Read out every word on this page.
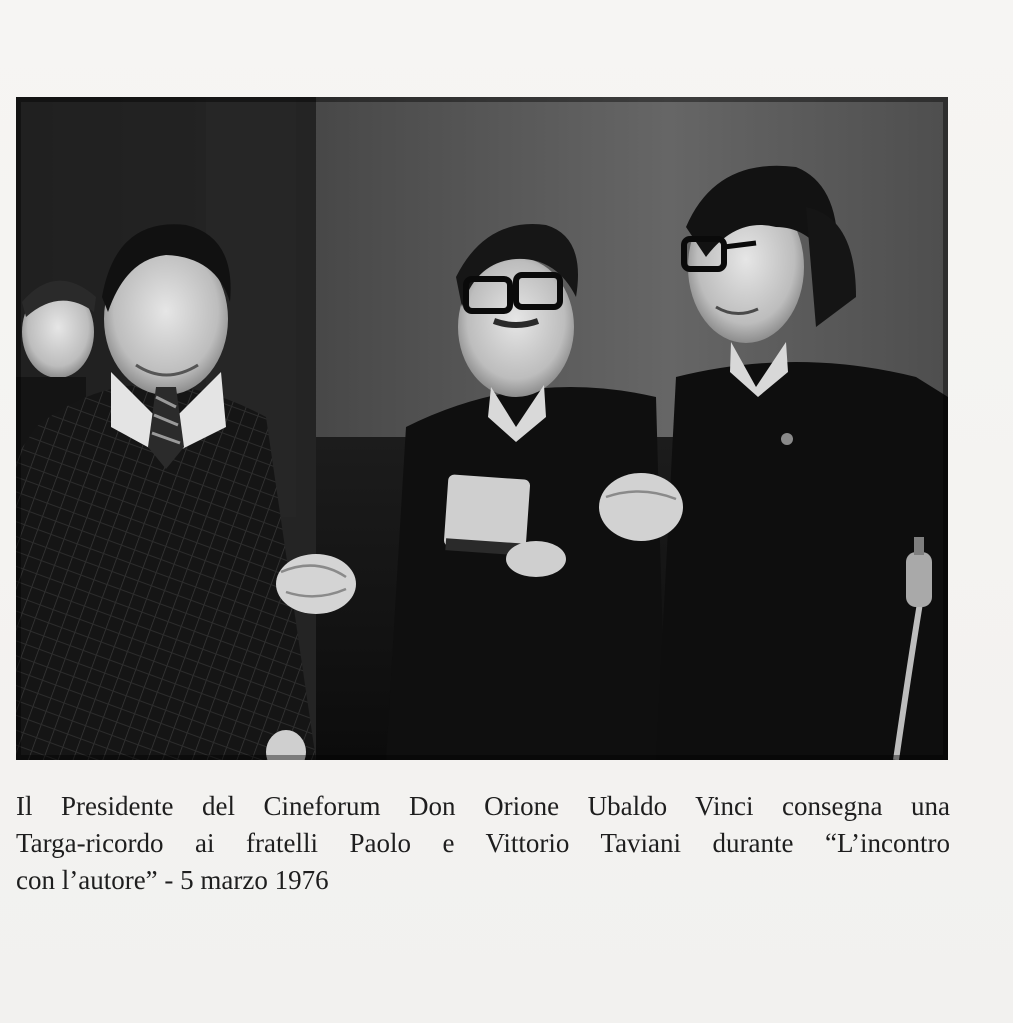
Il Presidente del Cineforum Don Orione Ubaldo Vinci consegna una
Targa-ricordo ai fratelli Paolo e Vittorio Taviani durante “L’incontro
con l’autore” - 5 marzo 1976
